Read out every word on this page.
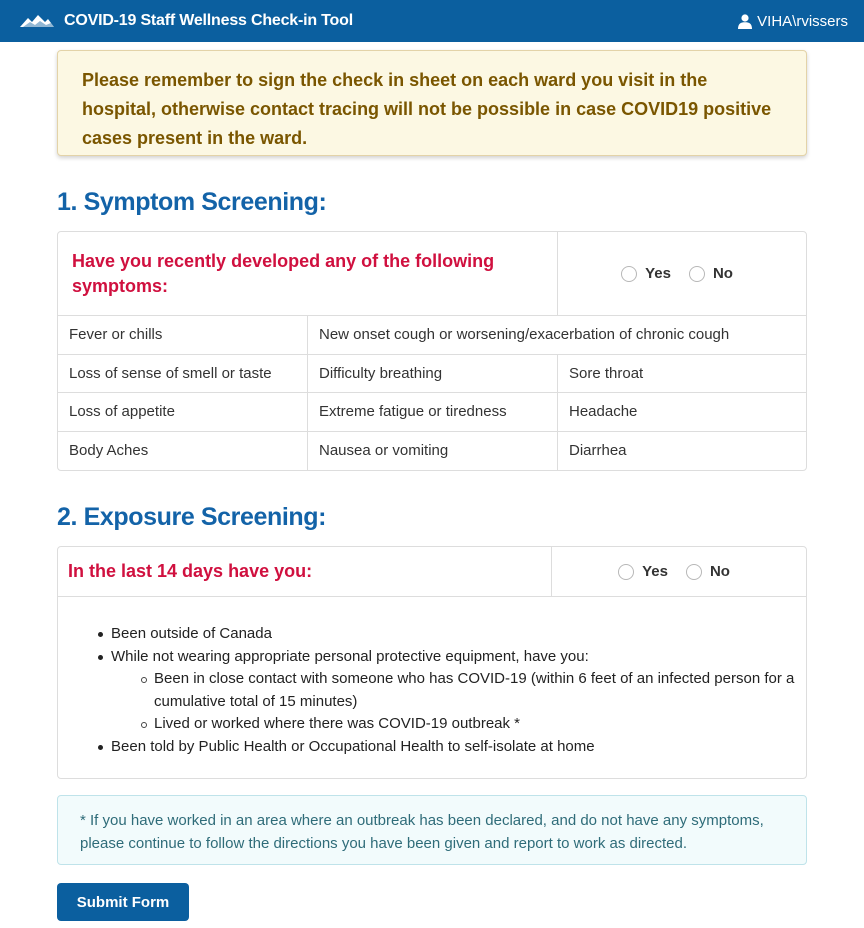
COVID-19 Staff Wellness Check-in Tool	VIHA\rvissers
Please remember to sign the check in sheet on each ward you visit in the hospital, otherwise contact tracing will not be possible in case COVID19 positive cases present in the ward.
1. Symptom Screening:
Have you recently developed any of the following symptoms:
Yes	No
Fever or chills	New onset cough or worsening/exacerbation of chronic cough
Loss of sense of smell or taste	Difficulty breathing	Sore throat
Loss of appetite	Extreme fatigue or tiredness	Headache
Body Aches	Nausea or vomiting	Diarrhea
2. Exposure Screening:
In the last 14 days have you:	Yes	No
Been outside of Canada
While not wearing appropriate personal protective equipment, have you:
Been in close contact with someone who has COVID-19 (within 6 feet of an infected person for a cumulative total of 15 minutes)
Lived or worked where there was COVID-19 outbreak *
Been told by Public Health or Occupational Health to self-isolate at home
* If you have worked in an area where an outbreak has been declared, and do not have any symptoms, please continue to follow the directions you have been given and report to work as directed.
Submit Form
